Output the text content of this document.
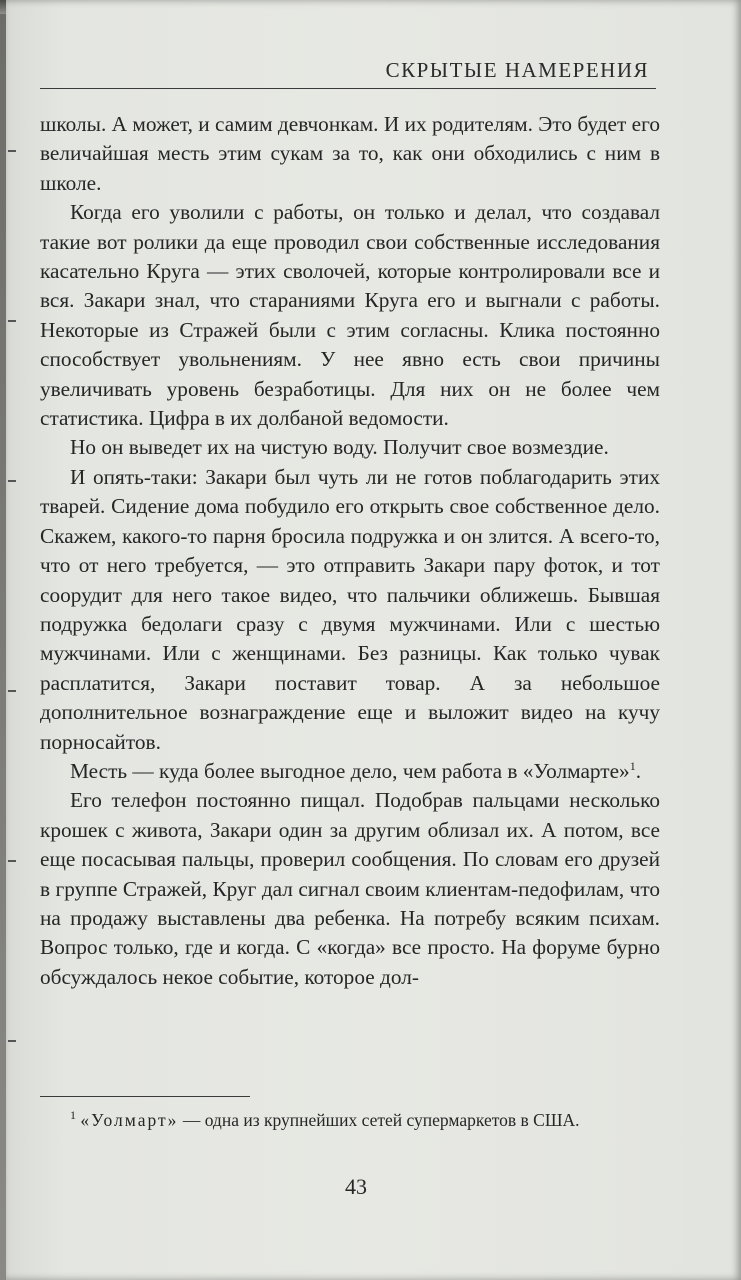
СКРЫТЫЕ НАМЕРЕНИЯ

школы. А может, и самим девчонкам. И их родителям. Это будет его величайшая месть этим сукам за то, как они обходились с ним в школе.

Когда его уволили с работы, он только и делал, что создавал такие вот ролики да еще проводил свои собственные исследования касательно Круга — этих сволочей, которые контролировали все и вся. Закари знал, что стараниями Круга его и выгнали с работы. Некоторые из Стражей были с этим согласны. Клика постоянно способствует увольнениям. У нее явно есть свои причины увеличивать уровень безработицы. Для них он не более чем статистика. Цифра в их долбаной ведомости.

Но он выведет их на чистую воду. Получит свое возмездие.

И опять-таки: Закари был чуть ли не готов поблагодарить этих тварей. Сидение дома побудило его открыть свое собственное дело. Скажем, какого-то парня бросила подружка и он злится. А всего-то, что от него требуется, — это отправить Закари пару фоток, и тот соорудит для него такое видео, что пальчики оближешь. Бывшая подружка бедолаги сразу с двумя мужчинами. Или с шестью мужчинами. Или с женщинами. Без разницы. Как только чувак расплатится, Закари поставит товар. А за небольшое дополнительное вознаграждение еще и выложит видео на кучу порносайтов.

Месть — куда более выгодное дело, чем работа в «Уолмарте»$^1$.

Его телефон постоянно пищал. Подобрав пальцами несколько крошек с живота, Закари один за другим облизал их. А потом, все еще посасывая пальцы, проверил сообщения. По словам его друзей в группе Стражей, Круг дал сигнал своим клиентам-педофилам, что на продажу выставлены два ребенка. На потребу всяким психам. Вопрос только, где и когда. С «когда» все просто. На форуме бурно обсуждалось некое событие, которое дол-

$^1$ «Уолмарт» — одна из крупнейших сетей супермаркетов в США.
43
